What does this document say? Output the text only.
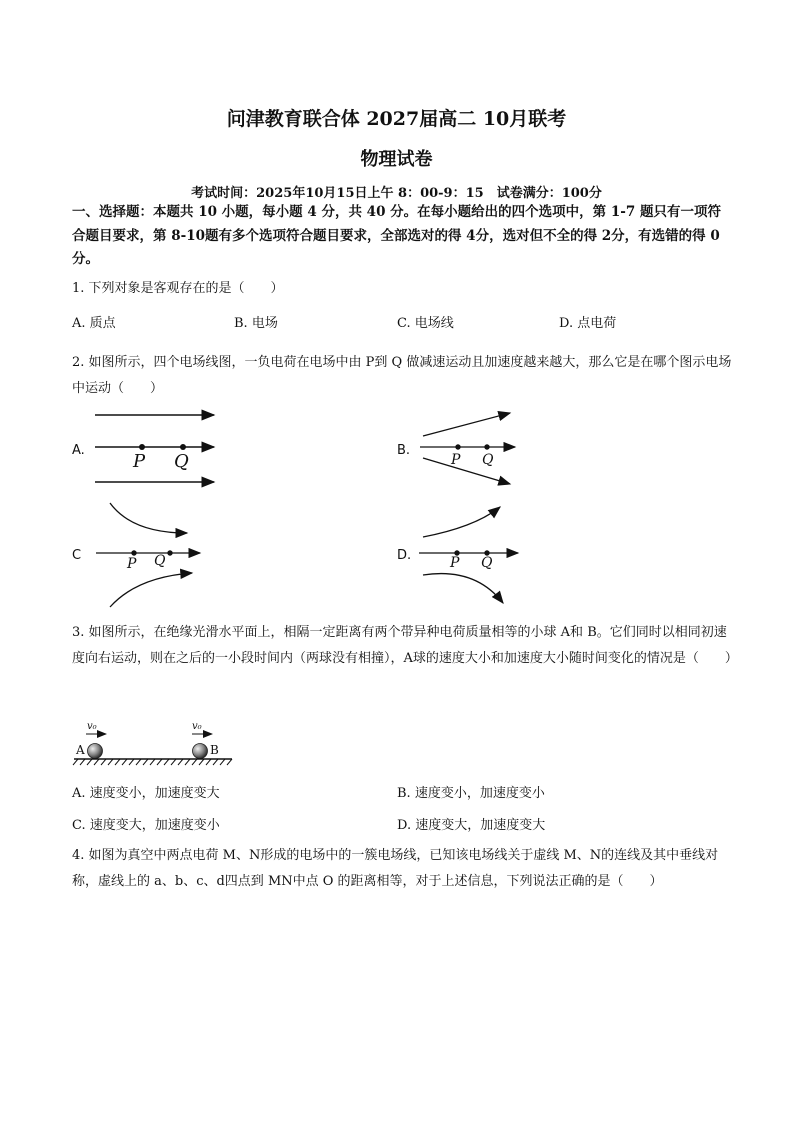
问津教育联合体 2027届高二 10月联考
物理试卷
考试时间：2025年10月15日上午 8：00-9：15　试卷满分：100分
一、选择题：本题共 10 小题，每小题 4 分，共 40 分。在每小题给出的四个选项中，第 1-7 题只有一项符合题目要求，第 8-10题有多个选项符合题目要求，全部选对的得 4分，选对但不全的得 2分，有选错的得 0分。
1. 下列对象是客观存在的是（　　）
A. 质点	B. 电场	C. 电场线	D. 点电荷
2. 如图所示，四个电场线图，一负电荷在电场中由 P到 Q 做减速运动且加速度越来越大，那么它是在哪个图示电场中运动（　　）
A.
P Q
B.
P Q
C
P Q	D.	P Q
3. 如图所示，在绝缘光滑水平面上，相隔一定距离有两个带异种电荷质量相等的小球 A和 B。它们同时以相同初速度向右运动，则在之后的一小段时间内（两球没有相撞），A球的速度大小和加速度大小随时间变化的情况是（　　）
v₀	v₀
A	B
A. 速度变小，加速度变大	B. 速度变小，加速度变小
C. 速度变大，加速度变小	D. 速度变大，加速度变大
4. 如图为真空中两点电荷 M、N形成的电场中的一簇电场线，已知该电场线关于虚线 M、N的连线及其中垂线对称，虚线上的 a、b、c、d四点到 MN中点 O 的距离相等，对于上述信息，下列说法正确的是（　　）
